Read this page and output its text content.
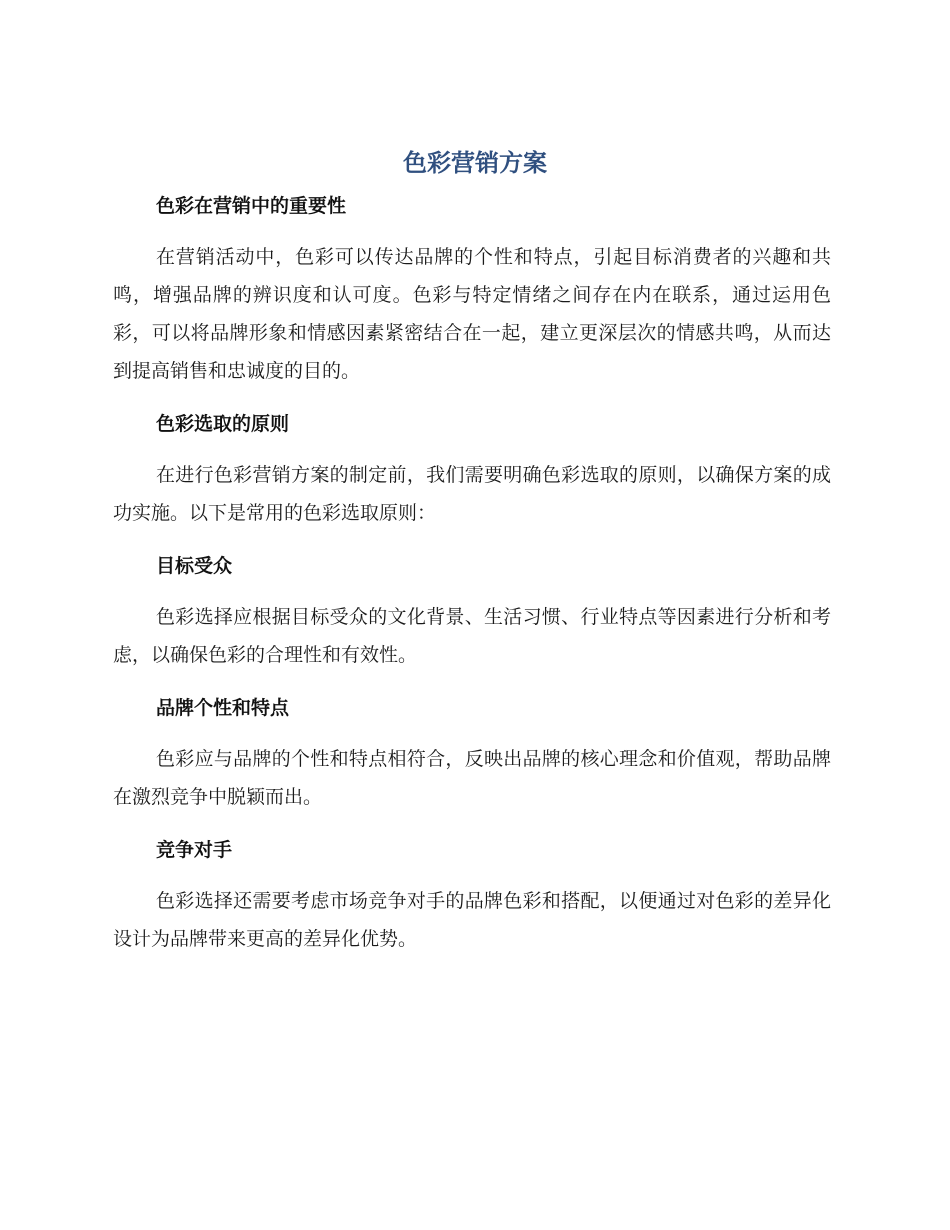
色彩营销方案
色彩在营销中的重要性

在营销活动中，色彩可以传达品牌的个性和特点，引起目标消费者的兴趣和共鸣，增强品牌的辨识度和认可度。色彩与特定情绪之间存在内在联系，通过运用色彩，可以将品牌形象和情感因素紧密结合在一起，建立更深层次的情感共鸣，从而达到提高销售和忠诚度的目的。

色彩选取的原则

在进行色彩营销方案的制定前，我们需要明确色彩选取的原则，以确保方案的成功实施。以下是常用的色彩选取原则：

目标受众

色彩选择应根据目标受众的文化背景、生活习惯、行业特点等因素进行分析和考虑，以确保色彩的合理性和有效性。

品牌个性和特点

色彩应与品牌的个性和特点相符合，反映出品牌的核心理念和价值观，帮助品牌在激烈竞争中脱颖而出。

竞争对手

色彩选择还需要考虑市场竞争对手的品牌色彩和搭配，以便通过对色彩的差异化设计为品牌带来更高的差异化优势。
